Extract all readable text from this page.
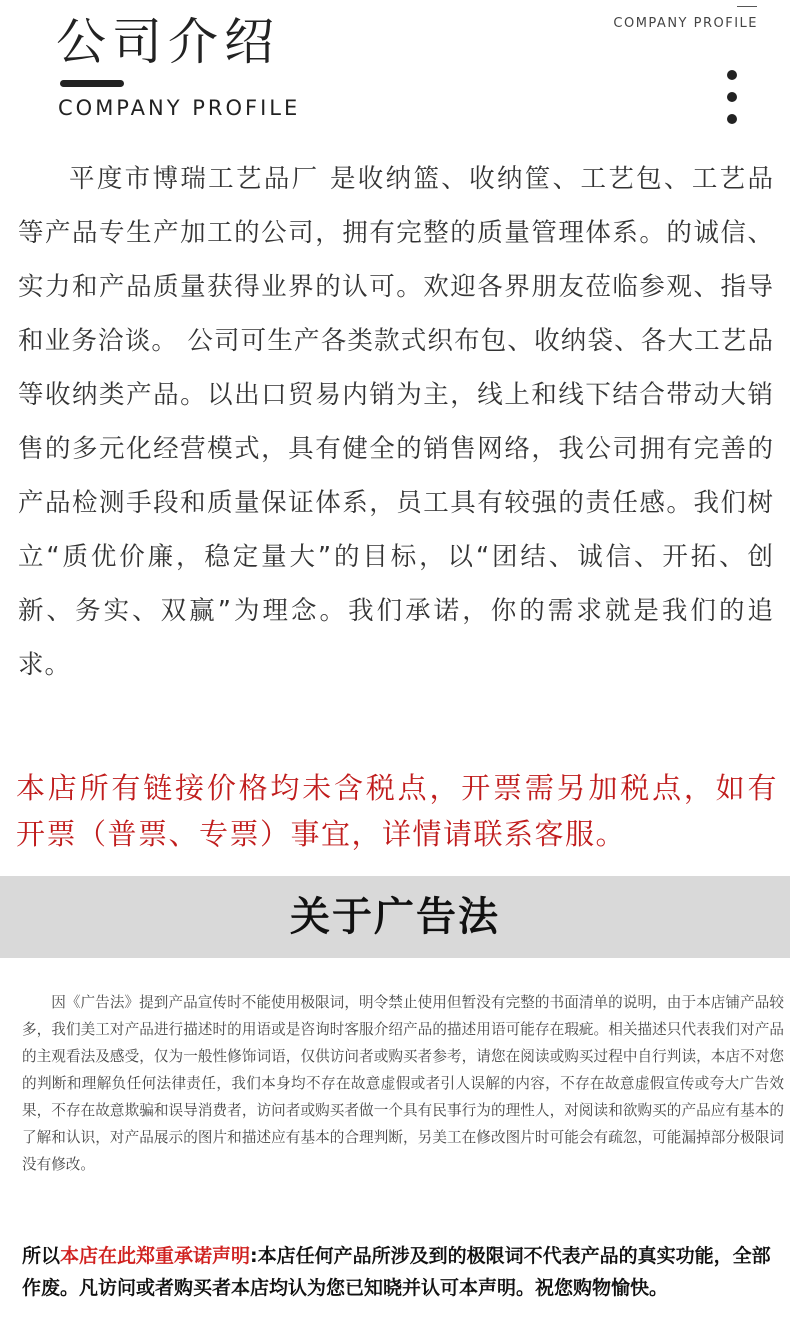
COMPANY PROFILE
公司介绍
COMPANY PROFILE

平度市博瑞工艺品厂 是收纳篮、收纳筐、工艺包、工艺品 等产品专生产加工的公司，拥有完整的质量管理体系。的诚信、实力和产品质量获得业界的认可。欢迎各界朋友莅临参观、指导和业务洽谈。 公司可生产各类款式织布包、收纳袋、各大工艺品等收纳类产品。以出口贸易内销为主，线上和线下结合带动大销售的多元化经营模式，具有健全的销售网络，我公司拥有完善的产品检测手段和质量保证体系，员工具有较强的责任感。我们树立“质优价廉，稳定量大”的目标，以“团结、诚信、开拓、创新、务实、双赢”为理念。我们承诺，你的需求就是我们的追求。

本店所有链接价格均未含税点，开票需另加税点，如有开票（普票、专票）事宜，详情请联系客服。

关于广告法

因《广告法》提到产品宣传时不能使用极限词，明令禁止使用但暂没有完整的书面清单的说明，由于本店铺产品较多，我们美工对产品进行描述时的用语或是咨询时客服介绍产品的描述用语可能存在瑕疵。相关描述只代表我们对产品的主观看法及感受，仅为一般性修饰词语，仅供访问者或购买者参考，请您在阅读或购买过程中自行判读，本店不对您的判断和理解负任何法律责任，我们本身均不存在故意虚假或者引人误解的内容，不存在故意虚假宣传或夸大广告效果，不存在故意欺骗和误导消费者，访问者或购买者做一个具有民事行为的理性人，对阅读和欲购买的产品应有基本的了解和认识，对产品展示的图片和描述应有基本的合理判断，另美工在修改图片时可能会有疏忽，可能漏掉部分极限词没有修改。

所以本店在此郑重承诺声明:本店任何产品所涉及到的极限词不代表产品的真实功能，全部作废。凡访问或者购买者本店均认为您已知晓并认可本声明。祝您购物愉快。
